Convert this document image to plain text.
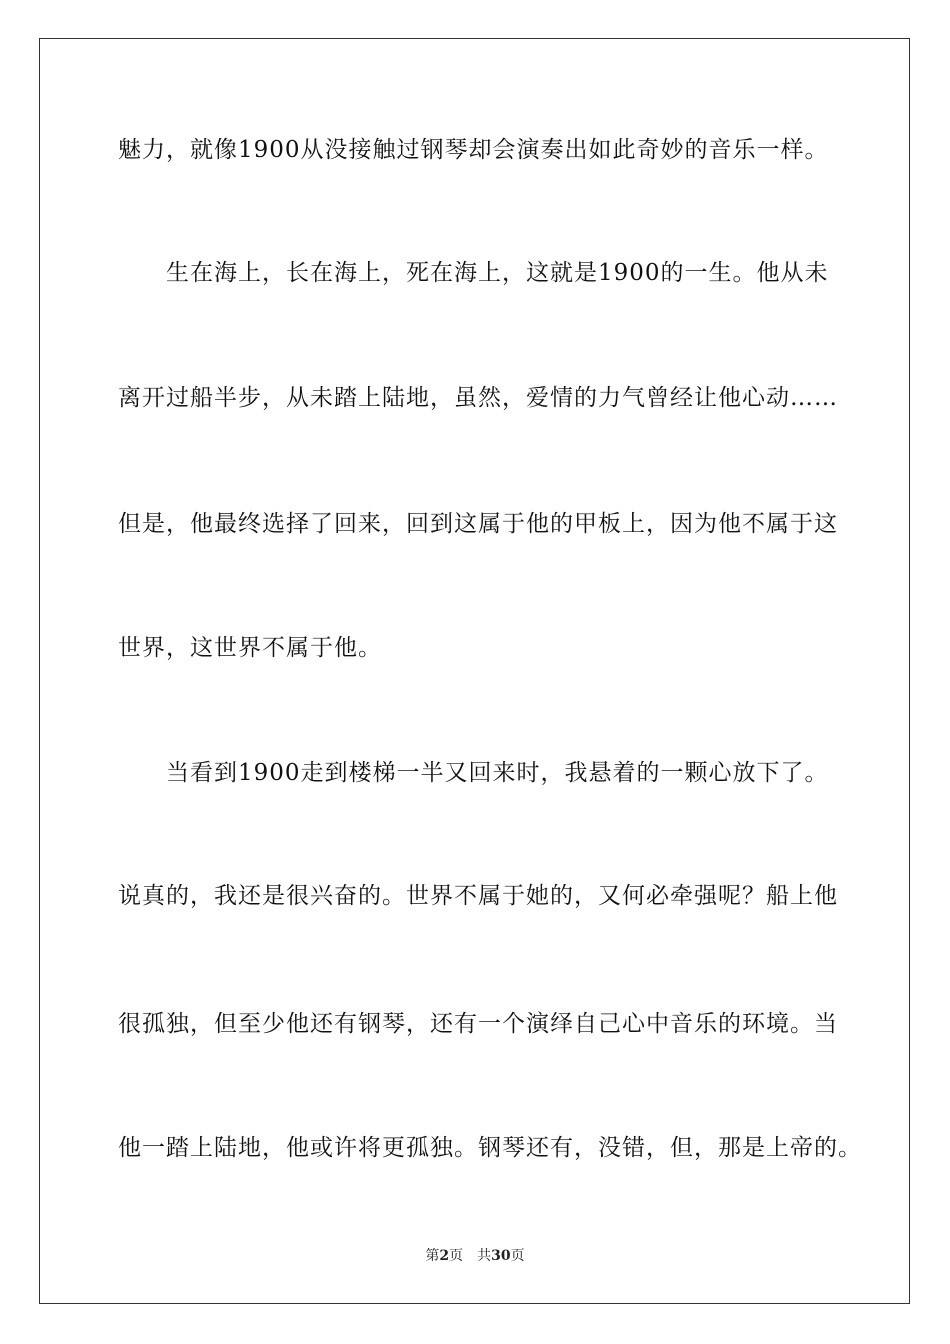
魅力，就像1900从没接触过钢琴却会演奏出如此奇妙的音乐一样。
生在海上，长在海上，死在海上，这就是1900的一生。他从未
离开过船半步，从未踏上陆地，虽然，爱情的力气曾经让他心动……
但是，他最终选择了回来，回到这属于他的甲板上，因为他不属于这
世界，这世界不属于他。
当看到1900走到楼梯一半又回来时，我悬着的一颗心放下了。
说真的，我还是很兴奋的。世界不属于她的，又何必牵强呢？船上他
很孤独，但至少他还有钢琴，还有一个演绎自己心中音乐的环境。当
他一踏上陆地，他或许将更孤独。钢琴还有，没错，但，那是上帝的。
第2页 共30页
